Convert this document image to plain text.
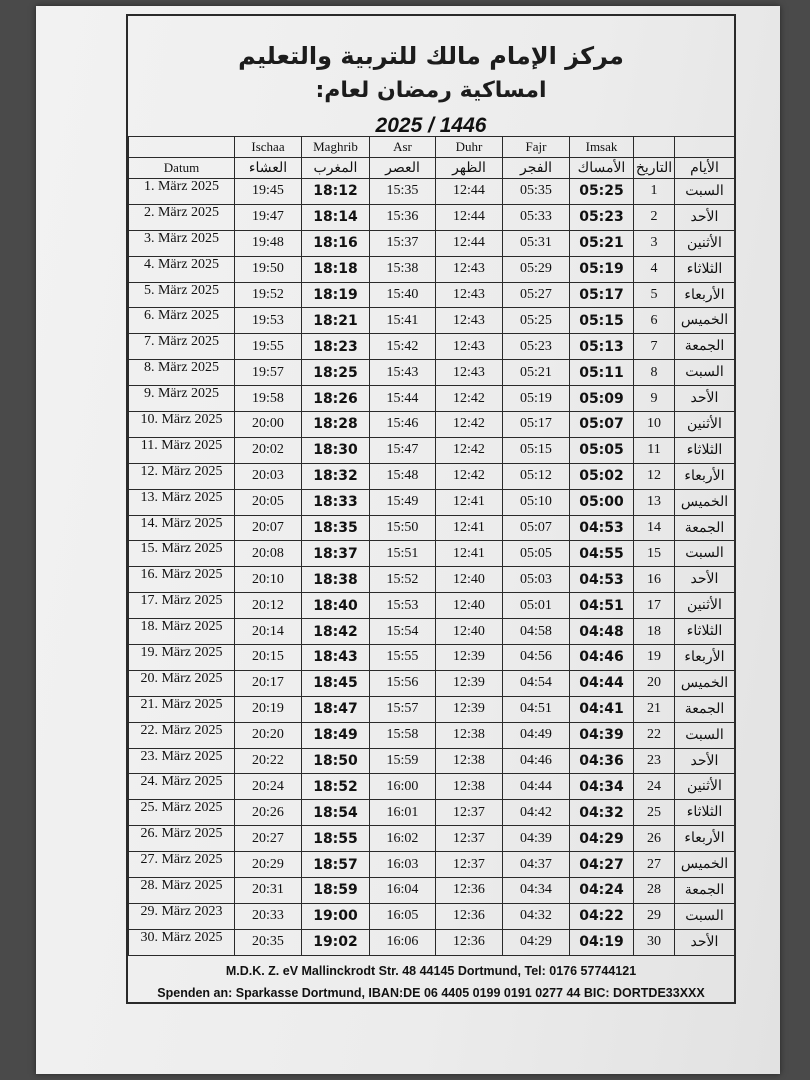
مركز الإمام مالك للتربية والتعليم
امساكية رمضان لعام:
2025 / 1446
	Ischaa	Maghrib	Asr	Duhr	Fajr	Imsak		
Datum	العشاء	المغرب	العصر	الظهر	الفجر	الأمساك	التاريخ	الأيام
1. März 2025	19:45	18:12	15:35	12:44	05:35	05:25	1	السبت
2. März 2025	19:47	18:14	15:36	12:44	05:33	05:23	2	الأحد
3. März 2025	19:48	18:16	15:37	12:44	05:31	05:21	3	الأثنين
4. März 2025	19:50	18:18	15:38	12:43	05:29	05:19	4	الثلاثاء
5. März 2025	19:52	18:19	15:40	12:43	05:27	05:17	5	الأربعاء
6. März 2025	19:53	18:21	15:41	12:43	05:25	05:15	6	الخميس
7. März 2025	19:55	18:23	15:42	12:43	05:23	05:13	7	الجمعة
8. März 2025	19:57	18:25	15:43	12:43	05:21	05:11	8	السبت
9. März 2025	19:58	18:26	15:44	12:42	05:19	05:09	9	الأحد
10. März 2025	20:00	18:28	15:46	12:42	05:17	05:07	10	الأثنين
11. März 2025	20:02	18:30	15:47	12:42	05:15	05:05	11	الثلاثاء
12. März 2025	20:03	18:32	15:48	12:42	05:12	05:02	12	الأربعاء
13. März 2025	20:05	18:33	15:49	12:41	05:10	05:00	13	الخميس
14. März 2025	20:07	18:35	15:50	12:41	05:07	04:53	14	الجمعة
15. März 2025	20:08	18:37	15:51	12:41	05:05	04:55	15	السبت
16. März 2025	20:10	18:38	15:52	12:40	05:03	04:53	16	الأحد
17. März 2025	20:12	18:40	15:53	12:40	05:01	04:51	17	الأثنين
18. März 2025	20:14	18:42	15:54	12:40	04:58	04:48	18	الثلاثاء
19. März 2025	20:15	18:43	15:55	12:39	04:56	04:46	19	الأربعاء
20. März 2025	20:17	18:45	15:56	12:39	04:54	04:44	20	الخميس
21. März 2025	20:19	18:47	15:57	12:39	04:51	04:41	21	الجمعة
22. März 2025	20:20	18:49	15:58	12:38	04:49	04:39	22	السبت
23. März 2025	20:22	18:50	15:59	12:38	04:46	04:36	23	الأحد
24. März 2025	20:24	18:52	16:00	12:38	04:44	04:34	24	الأثنين
25. März 2025	20:26	18:54	16:01	12:37	04:42	04:32	25	الثلاثاء
26. März 2025	20:27	18:55	16:02	12:37	04:39	04:29	26	الأربعاء
27. März 2025	20:29	18:57	16:03	12:37	04:37	04:27	27	الخميس
28. März 2025	20:31	18:59	16:04	12:36	04:34	04:24	28	الجمعة
29. März 2023	20:33	19:00	16:05	12:36	04:32	04:22	29	السبت
30. März 2025	20:35	19:02	16:06	12:36	04:29	04:19	30	الأحد
M.D.K. Z. eV Mallinckrodt Str. 48 44145 Dortmund, Tel: 0176 57744121
Spenden an: Sparkasse Dortmund, IBAN:DE 06 4405 0199 0191 0277 44 BIC: DORTDE33XXX
